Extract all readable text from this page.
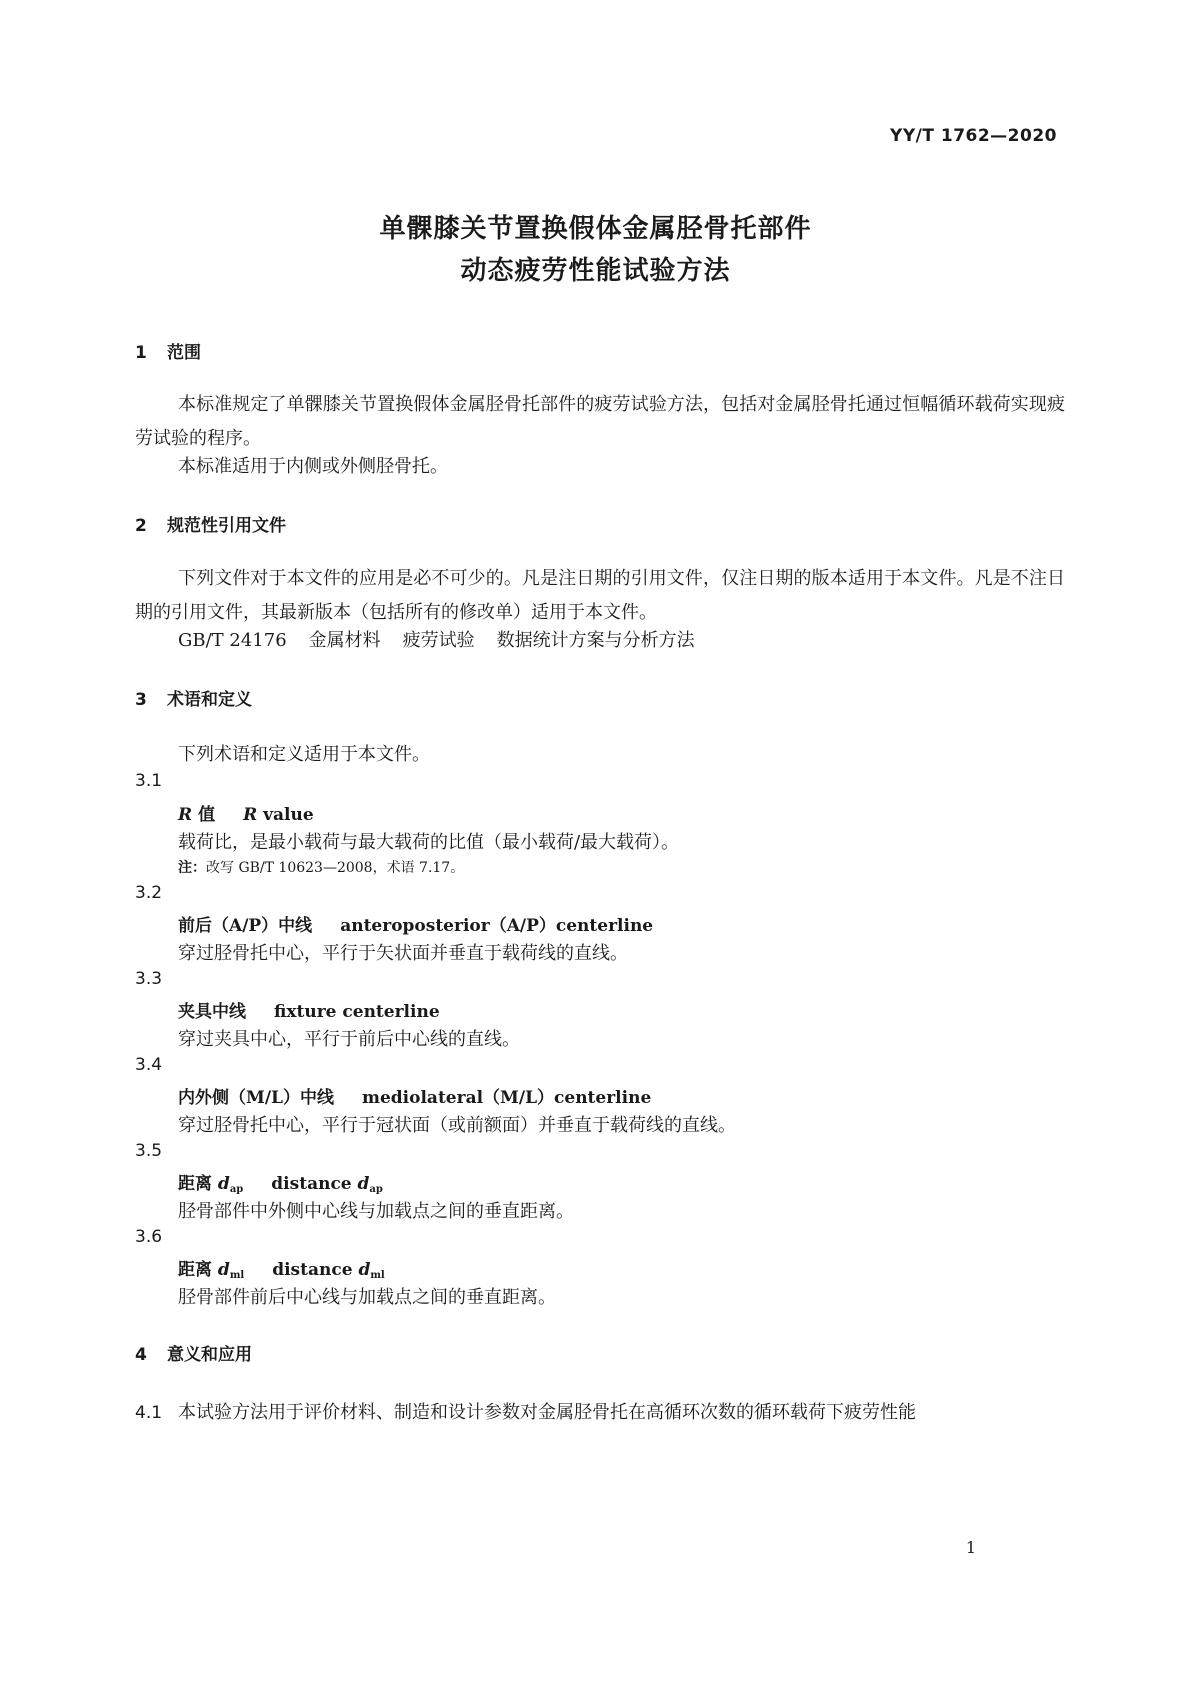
YY/T 1762—2020
单髁膝关节置换假体金属胫骨托部件
动态疲劳性能试验方法
1 范围
本标准规定了单髁膝关节置换假体金属胫骨托部件的疲劳试验方法，包括对金属胫骨托通过恒幅循环载荷实现疲劳试验的程序。
本标准适用于内侧或外侧胫骨托。
2 规范性引用文件
下列文件对于本文件的应用是必不可少的。凡是注日期的引用文件，仅注日期的版本适用于本文件。凡是不注日期的引用文件，其最新版本（包括所有的修改单）适用于本文件。
GB/T 24176 金属材料 疲劳试验 数据统计方案与分析方法
3 术语和定义
下列术语和定义适用于本文件。
3.1
R 值 R value
载荷比，是最小载荷与最大载荷的比值（最小载荷/最大载荷）。
注：改写 GB/T 10623—2008，术语 7.17。
3.2
前后（A/P）中线 anteroposterior（A/P）centerline
穿过胫骨托中心，平行于矢状面并垂直于载荷线的直线。
3.3
夹具中线 fixture centerline
穿过夹具中心，平行于前后中心线的直线。
3.4
内外侧（M/L）中线 mediolateral（M/L）centerline
穿过胫骨托中心，平行于冠状面（或前额面）并垂直于载荷线的直线。
3.5
距离 $d_{ap}$ distance $d_{ap}$
胫骨部件中外侧中心线与加载点之间的垂直距离。
3.6
距离 $d_{ml}$ distance $d_{ml}$
胫骨部件前后中心线与加载点之间的垂直距离。
4 意义和应用
4.1 本试验方法用于评价材料、制造和设计参数对金属胫骨托在高循环次数的循环载荷下疲劳性能
1
